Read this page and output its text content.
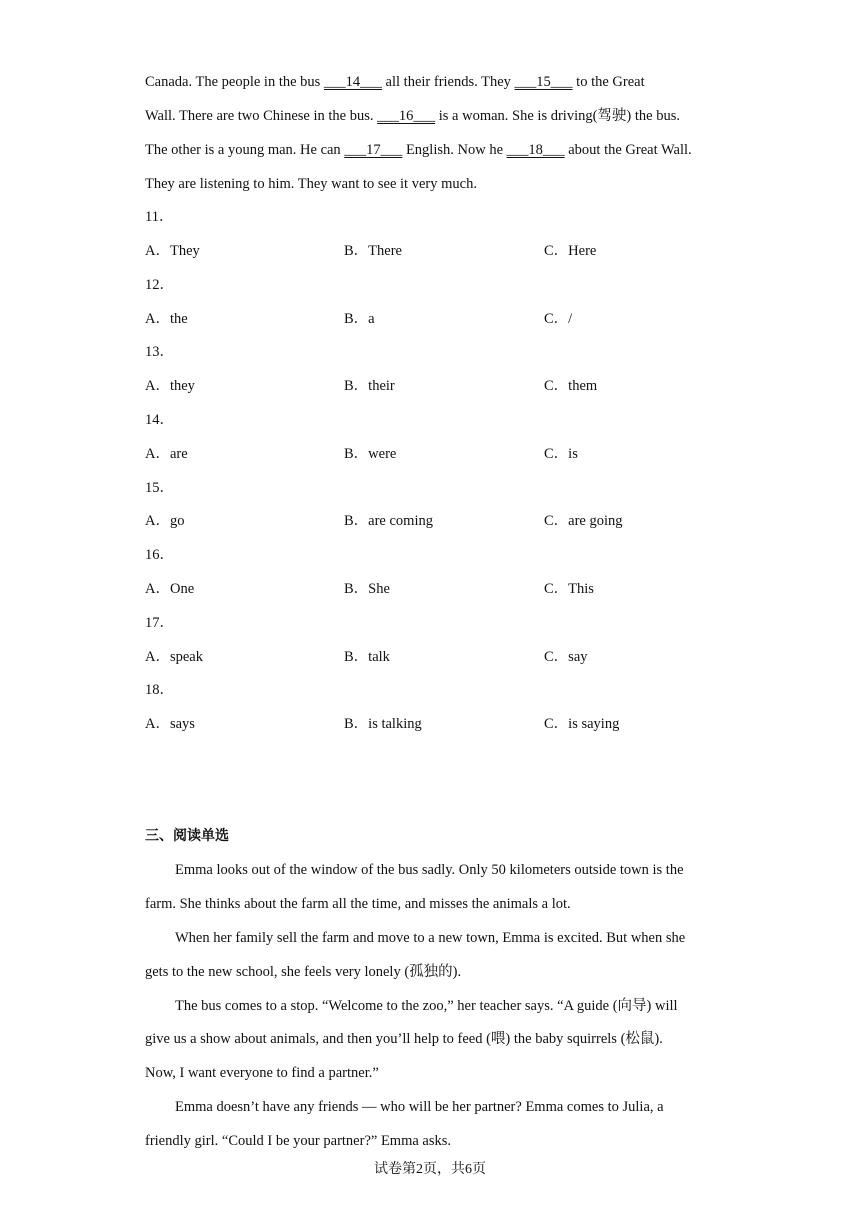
Canada. The people in the bus ___14___ all their friends. They ___15___ to the Great
Wall. There are two Chinese in the bus. ___16___ is a woman. She is driving(驾驶) the bus.
The other is a young man. He can ___17___ English. Now he ___18___ about the Great Wall.
They are listening to him. They want to see it very much.
11．
A．They	B．There	C．Here
12．
A．the	B．a	C．/
13．
A．they	B．their	C．them
14．
A．are	B．were	C．is
15．
A．go	B．are coming	C．are going
16．
A．One	B．She	C．This
17．
A．speak	B．talk	C．say
18．
A．says	B．is talking	C．is saying
三、阅读单选
Emma looks out of the window of the bus sadly. Only 50 kilometers outside town is the
farm. She thinks about the farm all the time, and misses the animals a lot.
When her family sell the farm and move to a new town, Emma is excited. But when she
gets to the new school, she feels very lonely (孤独的).
The bus comes to a stop. “Welcome to the zoo,” her teacher says. “A guide (向导) will
give us a show about animals, and then you’ll help to feed (喂) the baby squirrels (松鼠).
Now, I want everyone to find a partner.”
Emma doesn’t have any friends — who will be her partner? Emma comes to Julia, a
friendly girl. “Could I be your partner?” Emma asks.
试卷第2页，共6页
